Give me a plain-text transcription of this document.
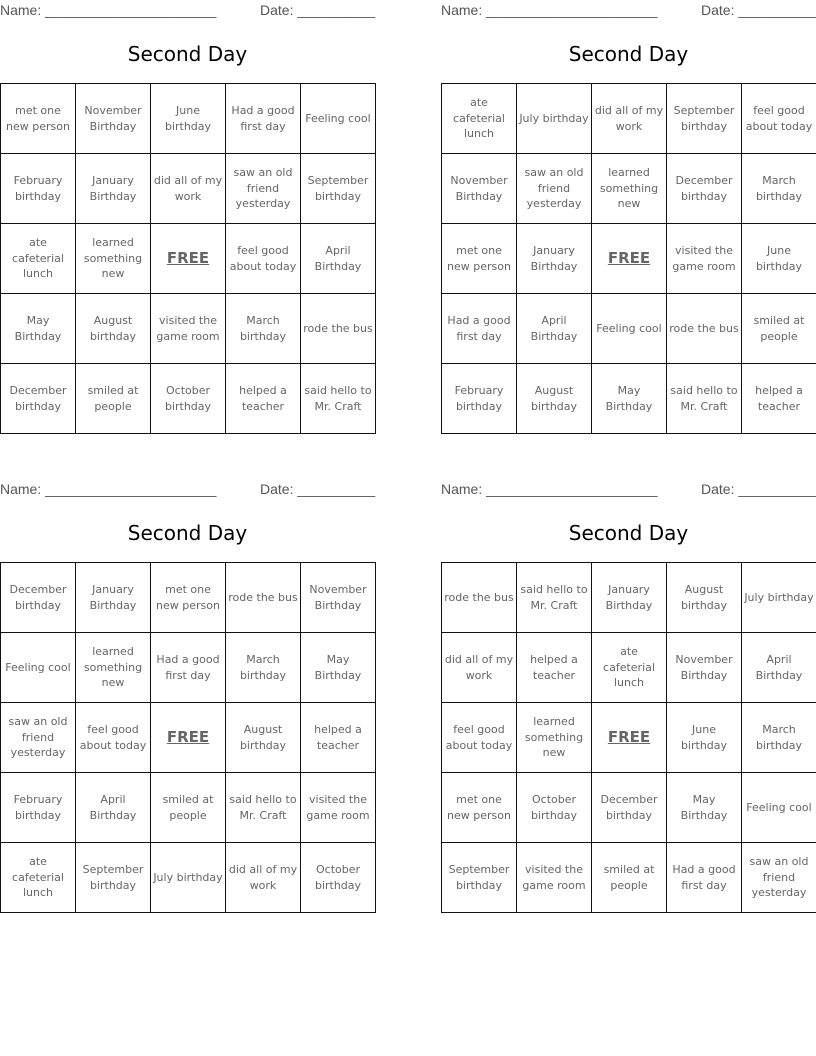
Name: ______________________	Date: __________
Second Day
met one new person	November Birthday	June birthday	Had a good first day	Feeling cool
February birthday	January Birthday	did all of my work	saw an old friend yesterday	September birthday
ate cafeterial lunch	learned something new	FREE	feel good about today	April Birthday
May Birthday	August birthday	visited the game room	March birthday	rode the bus
December birthday	smiled at people	October birthday	helped a teacher	said hello to Mr. Craft
Name: ______________________	Date: __________
Second Day
ate cafeterial lunch	July birthday	did all of my work	September birthday	feel good about today
November Birthday	saw an old friend yesterday	learned something new	December birthday	March birthday
met one new person	January Birthday	FREE	visited the game room	June birthday
Had a good first day	April Birthday	Feeling cool	rode the bus	smiled at people
February birthday	August birthday	May Birthday	said hello to Mr. Craft	helped a teacher
Name: ______________________	Date: __________
Second Day
December birthday	January Birthday	met one new person	rode the bus	November Birthday
Feeling cool	learned something new	Had a good first day	March birthday	May Birthday
saw an old friend yesterday	feel good about today	FREE	August birthday	helped a teacher
February birthday	April Birthday	smiled at people	said hello to Mr. Craft	visited the game room
ate cafeterial lunch	September birthday	July birthday	did all of my work	October birthday
Name: ______________________	Date: __________
Second Day
rode the bus	said hello to Mr. Craft	January Birthday	August birthday	July birthday
did all of my work	helped a teacher	ate cafeterial lunch	November Birthday	April Birthday
feel good about today	learned something new	FREE	June birthday	March birthday
met one new person	October birthday	December birthday	May Birthday	Feeling cool
September birthday	visited the game room	smiled at people	Had a good first day	saw an old friend yesterday
